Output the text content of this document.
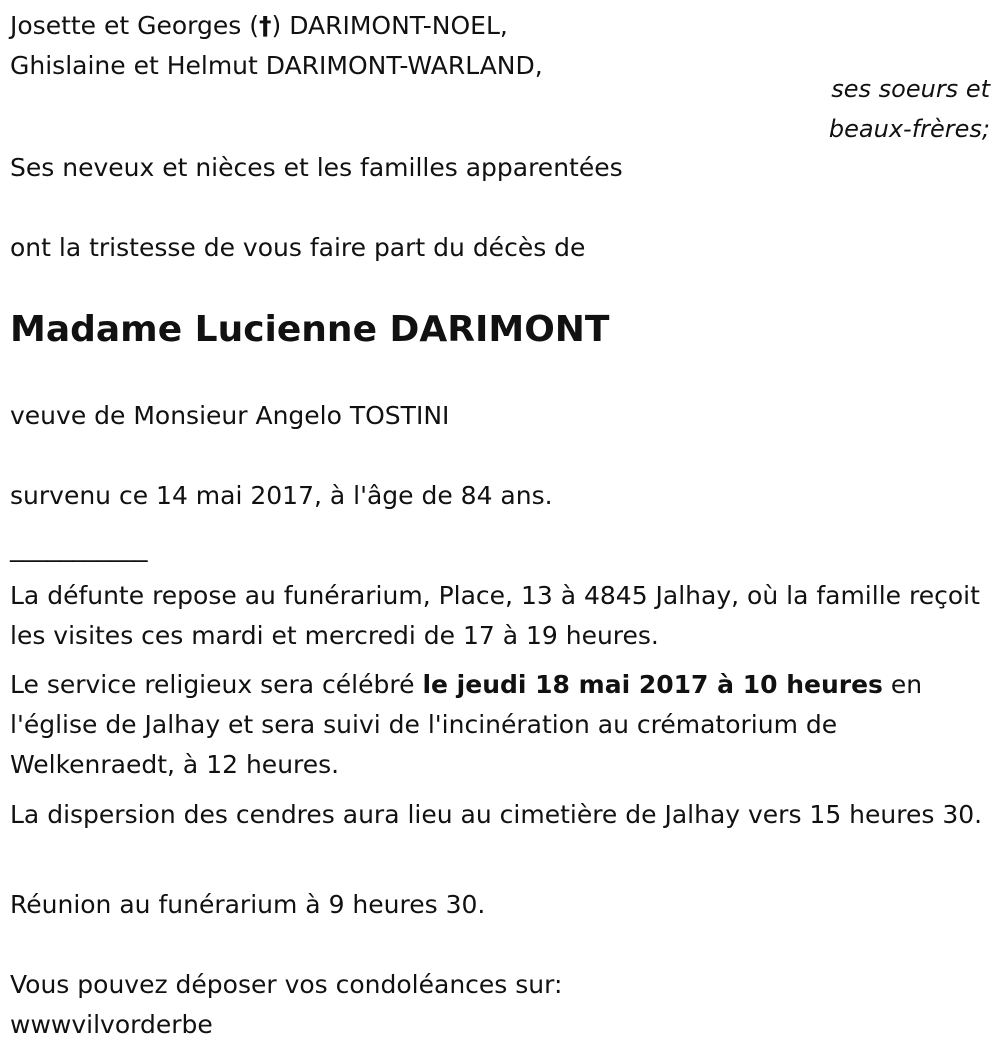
Josette et Georges (†) DARIMONT-NOEL,
Ghislaine et Helmut DARIMONT-WARLAND,
ses soeurs et
beaux-frères;
Ses neveux et nièces et les familles apparentées
ont la tristesse de vous faire part du décès de
Madame Lucienne DARIMONT
veuve de Monsieur Angelo TOSTINI
survenu ce 14 mai 2017, à l'âge de 84 ans.
___________

La défunte repose au funérarium, Place, 13 à 4845 Jalhay, où la famille reçoit les visites ces mardi et mercredi de 17 à 19 heures.

Le service religieux sera célébré le jeudi 18 mai 2017 à 10 heures en l'église de Jalhay et sera suivi de l'incinération au crématorium de Welkenraedt, à 12 heures.

La dispersion des cendres aura lieu au cimetière de Jalhay vers 15 heures 30.

Réunion au funérarium à 9 heures 30.
Vous pouvez déposer vos condoléances sur:
wwwvilvorderbe
